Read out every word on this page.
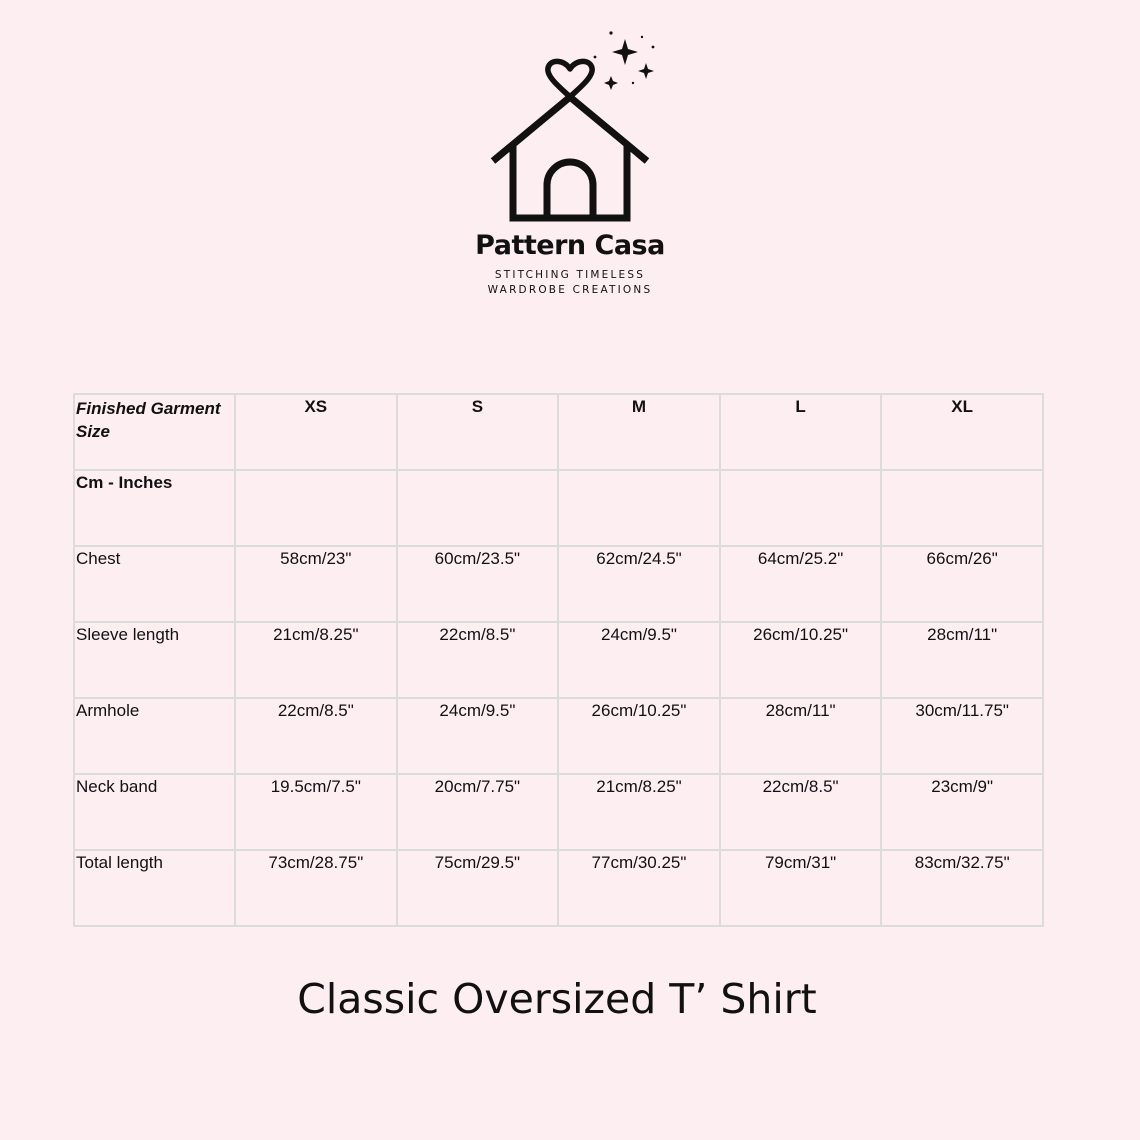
Pattern Casa
STITCHING TIMELESS
WARDROBE CREATIONS
Finished Garment Size	XS	S	M	L	XL
Cm - Inches					
Chest	58cm/23"	60cm/23.5"	62cm/24.5"	64cm/25.2"	66cm/26"
Sleeve length	21cm/8.25"	22cm/8.5"	24cm/9.5"	26cm/10.25"	28cm/11"
Armhole	22cm/8.5"	24cm/9.5"	26cm/10.25"	28cm/11"	30cm/11.75"
Neck band	19.5cm/7.5"	20cm/7.75"	21cm/8.25"	22cm/8.5"	23cm/9"
Total length	73cm/28.75"	75cm/29.5"	77cm/30.25"	79cm/31"	83cm/32.75"
Classic Oversized T’ Shirt
